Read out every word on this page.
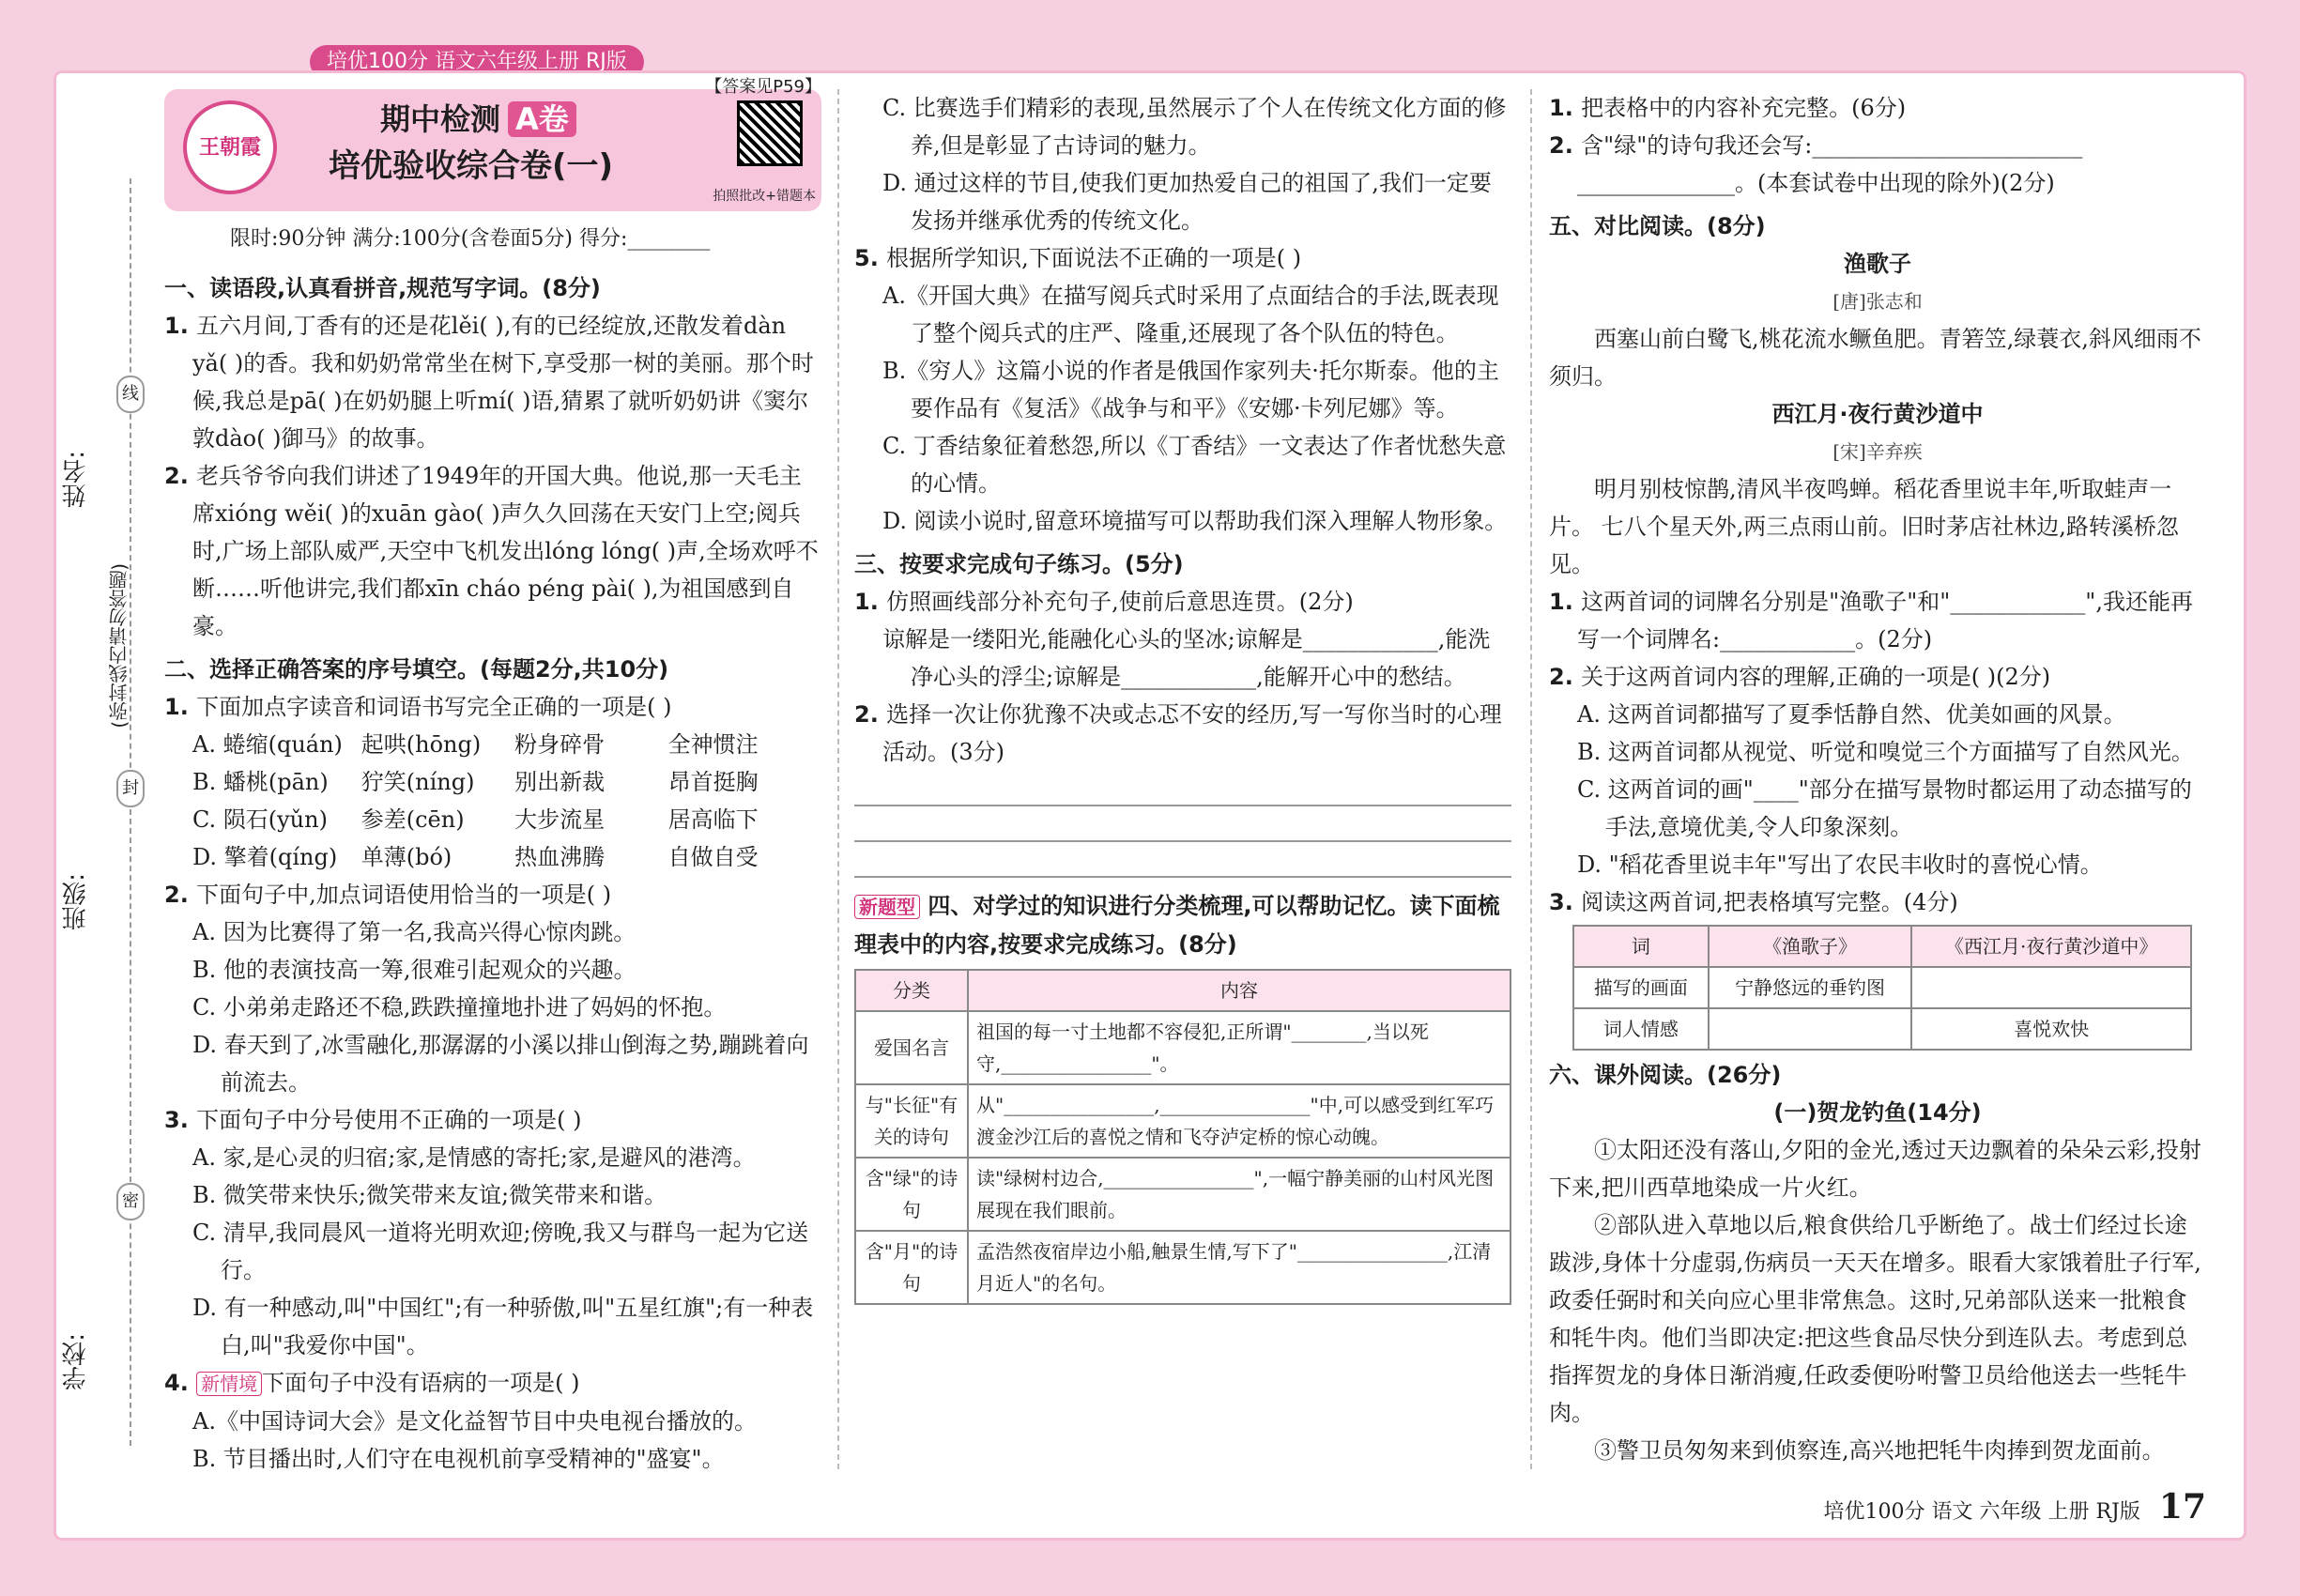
培优100分 语文六年级上册 RJ版
姓名:
班级:
学校:
(弥封线内请勿答题)
线
封
密
【答案见P59】
王朝霞
期中检测 A卷
培优验收综合卷(一)
拍照批改+错题本
限时:90分钟 满分:100分(含卷面5分) 得分:________
一、读语段,认真看拼音,规范写字词。(8分)
1. 五六月间,丁香有的还是花lěi( ),有的已经绽放,还散发着dàn yǎ( )的香。我和奶奶常常坐在树下,享受那一树的美丽。那个时候,我总是pā( )在奶奶腿上听mí( )语,猜累了就听奶奶讲《窦尔敦dào( )御马》的故事。
2. 老兵爷爷向我们讲述了1949年的开国大典。他说,那一天毛主席xióng wěi( )的xuān gào( )声久久回荡在天安门上空;阅兵时,广场上部队威严,天空中飞机发出lóng lóng( )声,全场欢呼不断……听他讲完,我们都xīn cháo péng pài( ),为祖国感到自豪。
二、选择正确答案的序号填空。(每题2分,共10分)
1. 下面加点字读音和词语书写完全正确的一项是( )
A. 蜷缩(quán) 起哄(hōng)	粉身碎骨	全神惯注
B. 蟠桃(pān)	狞笑(níng)	别出新裁	昂首挺胸
C. 陨石(yǔn)	参差(cēn)	大步流星	居高临下
D. 擎着(qíng)	单薄(bó)	热血沸腾	自做自受
2. 下面句子中,加点词语使用恰当的一项是( )
A. 因为比赛得了第一名,我高兴得心惊肉跳。
B. 他的表演技高一筹,很难引起观众的兴趣。
C. 小弟弟走路还不稳,跌跌撞撞地扑进了妈妈的怀抱。
D. 春天到了,冰雪融化,那潺潺的小溪以排山倒海之势,蹦跳着向前流去。
3. 下面句子中分号使用不正确的一项是( )
A. 家,是心灵的归宿;家,是情感的寄托;家,是避风的港湾。
B. 微笑带来快乐;微笑带来友谊;微笑带来和谐。
C. 清早,我同晨风一道将光明欢迎;傍晚,我又与群鸟一起为它送行。
D. 有一种感动,叫"中国红";有一种骄傲,叫"五星红旗";有一种表白,叫"我爱你中国"。
4. 新情境 下面句子中没有语病的一项是( )
A.《中国诗词大会》是文化益智节目中央电视台播放的。
B. 节目播出时,人们守在电视机前享受精神的"盛宴"。
C. 比赛选手们精彩的表现,虽然展示了个人在传统文化方面的修养,但是彰显了古诗词的魅力。
D. 通过这样的节目,使我们更加热爱自己的祖国了,我们一定要发扬并继承优秀的传统文化。
5. 根据所学知识,下面说法不正确的一项是( )
A.《开国大典》在描写阅兵式时采用了点面结合的手法,既表现了整个阅兵式的庄严、隆重,还展现了各个队伍的特色。
B.《穷人》这篇小说的作者是俄国作家列夫·托尔斯泰。他的主要作品有《复活》《战争与和平》《安娜·卡列尼娜》等。
C. 丁香结象征着愁怨,所以《丁香结》一文表达了作者忧愁失意的心情。
D. 阅读小说时,留意环境描写可以帮助我们深入理解人物形象。
三、按要求完成句子练习。(5分)
1. 仿照画线部分补充句子,使前后意思连贯。(2分)
谅解是一缕阳光,能融化心头的坚冰;谅解是____________,能洗净心头的浮尘;谅解是____________,能解开心中的愁结。
2. 选择一次让你犹豫不决或忐忑不安的经历,写一写你当时的心理活动。(3分)
新题型 四、对学过的知识进行分类梳理,可以帮助记忆。读下面梳理表中的内容,按要求完成练习。(8分)
分类	内容
爱国名言	祖国的每一寸土地都不容侵犯,正所谓"________,当以死守,________________"。
与"长征"有关的诗句	从"________________,________________"中,可以感受到红军巧渡金沙江后的喜悦之情和飞夺泸定桥的惊心动魄。
含"绿"的诗句	读"绿树村边合,________________",一幅宁静美丽的山村风光图展现在我们眼前。
含"月"的诗句	孟浩然夜宿岸边小船,触景生情,写下了"________________,江清月近人"的名句。
1. 把表格中的内容补充完整。(6分)
2. 含"绿"的诗句我还会写:________________________ ______________。(本套试卷中出现的除外)(2分)
五、对比阅读。(8分)
渔歌子
[唐]张志和
西塞山前白鹭飞,桃花流水鳜鱼肥。青箬笠,绿蓑衣,斜风细雨不须归。
西江月·夜行黄沙道中
[宋]辛弃疾
明月别枝惊鹊,清风半夜鸣蝉。稻花香里说丰年,听取蛙声一片。 七八个星天外,两三点雨山前。旧时茅店社林边,路转溪桥忽见。
1. 这两首词的词牌名分别是"渔歌子"和"____________",我还能再写一个词牌名:____________。(2分)
2. 关于这两首词内容的理解,正确的一项是( )(2分)
A. 这两首词都描写了夏季恬静自然、优美如画的风景。
B. 这两首词都从视觉、听觉和嗅觉三个方面描写了自然风光。
C. 这两首词的画"____"部分在描写景物时都运用了动态描写的手法,意境优美,令人印象深刻。
D. "稻花香里说丰年"写出了农民丰收时的喜悦心情。
3. 阅读这两首词,把表格填写完整。(4分)
词	《渔歌子》	《西江月·夜行黄沙道中》
描写的画面	宁静悠远的垂钓图	
词人情感		喜悦欢快
六、课外阅读。(26分)
(一)贺龙钓鱼(14分)
①太阳还没有落山,夕阳的金光,透过天边飘着的朵朵云彩,投射下来,把川西草地染成一片火红。
②部队进入草地以后,粮食供给几乎断绝了。战士们经过长途跋涉,身体十分虚弱,伤病员一天天在增多。眼看大家饿着肚子行军,政委任弼时和关向应心里非常焦急。这时,兄弟部队送来一批粮食和牦牛肉。他们当即决定:把这些食品尽快分到连队去。考虑到总指挥贺龙的身体日渐消瘦,任政委便吩咐警卫员给他送去一些牦牛肉。
③警卫员匆匆来到侦察连,高兴地把牦牛肉捧到贺龙面前。
培优100分 语文 六年级 上册 RJ版 17
